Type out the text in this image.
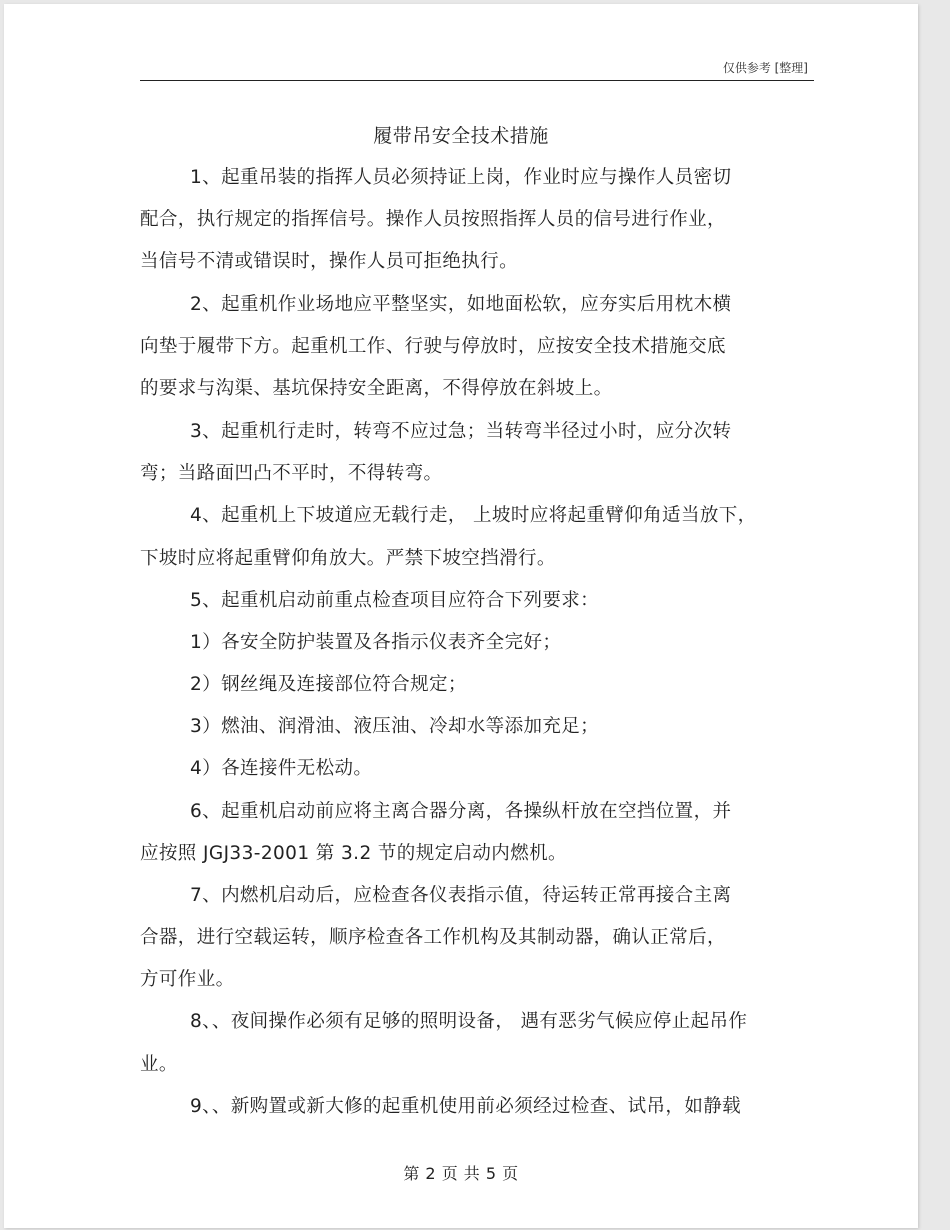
仅供参考 [整理]
履带吊安全技术措施
1、起重吊装的指挥人员必须持证上岗，作业时应与操作人员密切
配合，执行规定的指挥信号。操作人员按照指挥人员的信号进行作业，
当信号不清或错误时，操作人员可拒绝执行。
2、起重机作业场地应平整坚实，如地面松软，应夯实后用枕木横
向垫于履带下方。起重机工作、行驶与停放时，应按安全技术措施交底
的要求与沟渠、基坑保持安全距离，不得停放在斜坡上。
3、起重机行走时，转弯不应过急；当转弯半径过小时，应分次转
弯；当路面凹凸不平时，不得转弯。
4、起重机上下坡道应无载行走， 上坡时应将起重臂仰角适当放下，
下坡时应将起重臂仰角放大。严禁下坡空挡滑行。
5、起重机启动前重点检查项目应符合下列要求：
1）各安全防护装置及各指示仪表齐全完好；
2）钢丝绳及连接部位符合规定；
3）燃油、润滑油、液压油、冷却水等添加充足；
4）各连接件无松动。
6、起重机启动前应将主离合器分离，各操纵杆放在空挡位置，并
应按照 JGJ33-2001 第 3.2 节的规定启动内燃机。
7、内燃机启动后，应检查各仪表指示值，待运转正常再接合主离
合器，进行空载运转，顺序检查各工作机构及其制动器，确认正常后，
方可作业。
8、、夜间操作必须有足够的照明设备， 遇有恶劣气候应停止起吊作
业。
9、、新购置或新大修的起重机使用前必须经过检查、试吊，如静载
第 2 页 共 5 页
